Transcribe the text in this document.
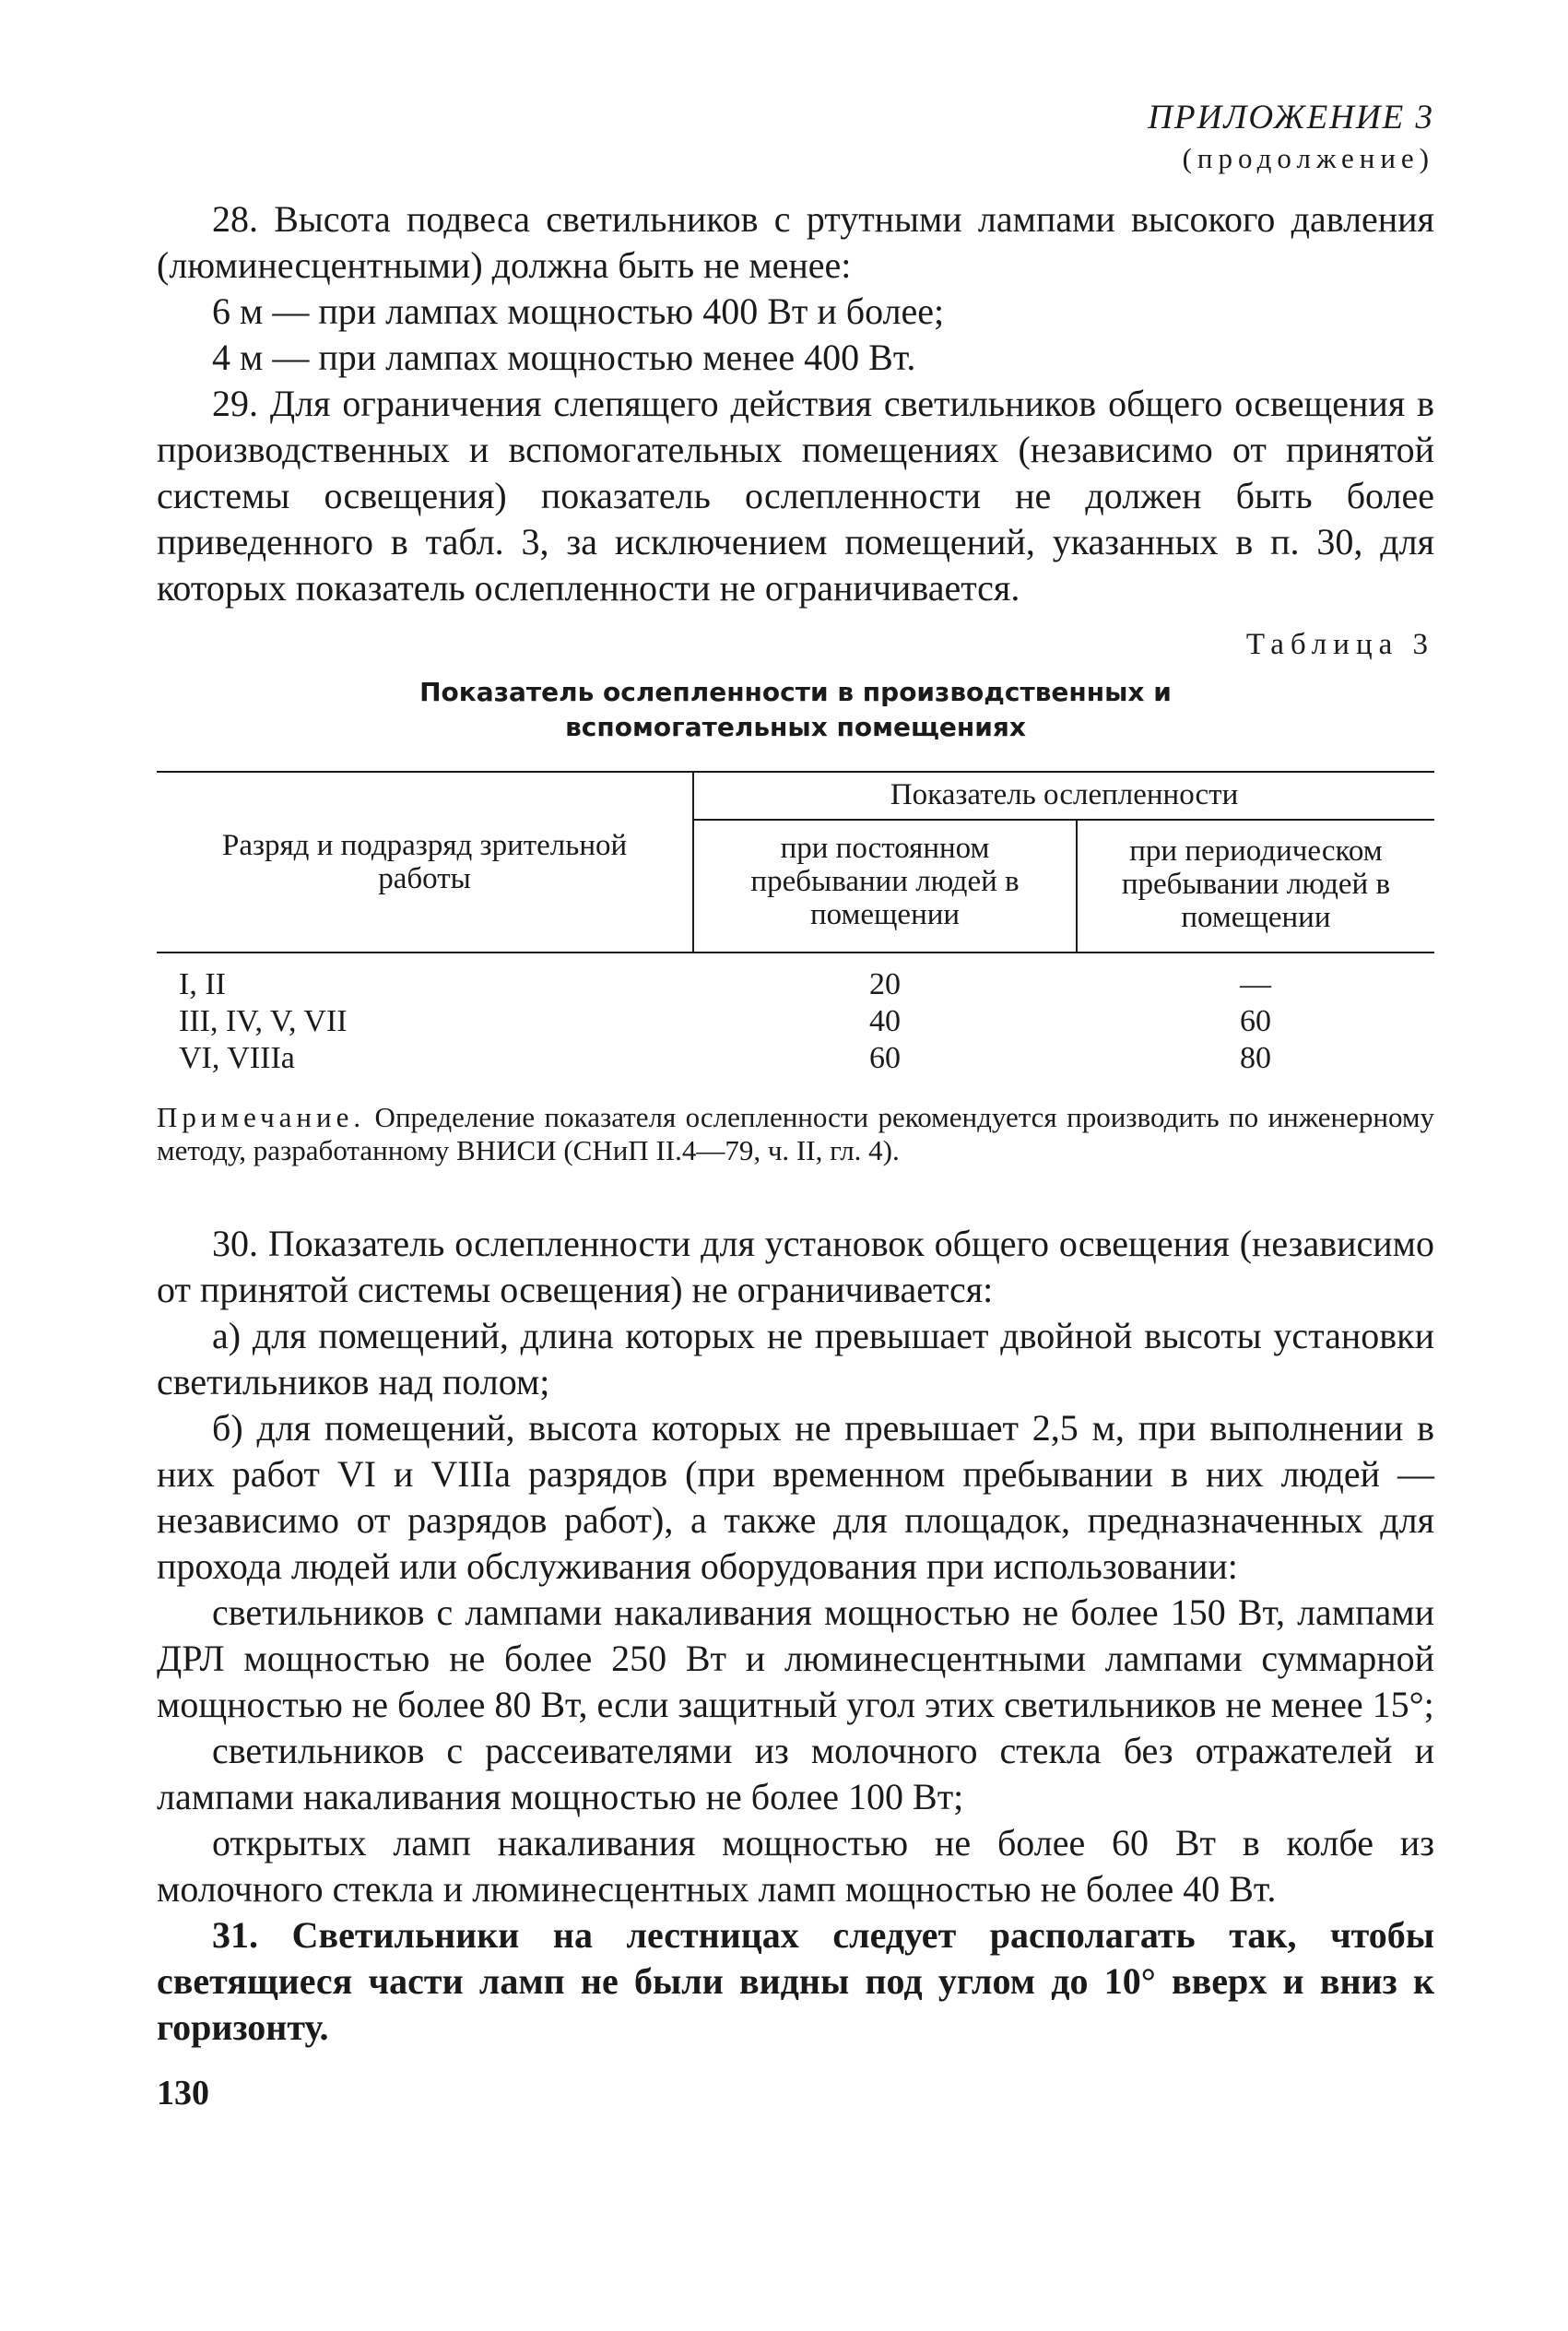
ПРИЛОЖЕНИЕ 3
(продолжение)

28. Высота подвеса светильников с ртутными лампами высокого давления (люминесцентными) должна быть не менее:

6 м — при лампах мощностью 400 Вт и более;

4 м — при лампах мощностью менее 400 Вт.

29. Для ограничения слепящего действия светильников общего освещения в производственных и вспомогательных помещениях (независимо от принятой системы освещения) показатель ослепленности не должен быть более приведенного в табл. 3, за исключением помещений, указанных в п. 30, для которых показатель ослепленности не ограничивается.

Таблица 3
Показатель ослепленности в производственных и
вспомогательных помещениях
Разряд и подразряд зрительной работы	Показатель ослепленности	
	при постоянном пребывании людей в помещении	при периодическом пребывании людей в помещении
I, II	20	—
III, IV, V, VII	40	60
VI, VIIIa	60	80
Примечание. Определение показателя ослепленности рекомендуется производить по инженерному методу, разработанному ВНИСИ (СНиП II.4—79, ч. II, гл. 4).

30. Показатель ослепленности для установок общего освещения (независимо от принятой системы освещения) не ограничивается:

а) для помещений, длина которых не превышает двойной высоты установки светильников над полом;

б) для помещений, высота которых не превышает 2,5 м, при выполнении в них работ VI и VIIIa разрядов (при временном пребывании в них людей — независимо от разрядов работ), а также для площадок, предназначенных для прохода людей или обслуживания оборудования при использовании:

светильников с лампами накаливания мощностью не более 150 Вт, лампами ДРЛ мощностью не более 250 Вт и люминесцентными лампами суммарной мощностью не более 80 Вт, если защитный угол этих светильников не менее 15°;

светильников с рассеивателями из молочного стекла без отражателей и лампами накаливания мощностью не более 100 Вт;

открытых ламп накаливания мощностью не более 60 Вт в колбе из молочного стекла и люминесцентных ламп мощностью не более 40 Вт.

31. Светильники на лестницах следует располагать так, чтобы светящиеся части ламп не были видны под углом до 10° вверх и вниз к горизонту.

130
